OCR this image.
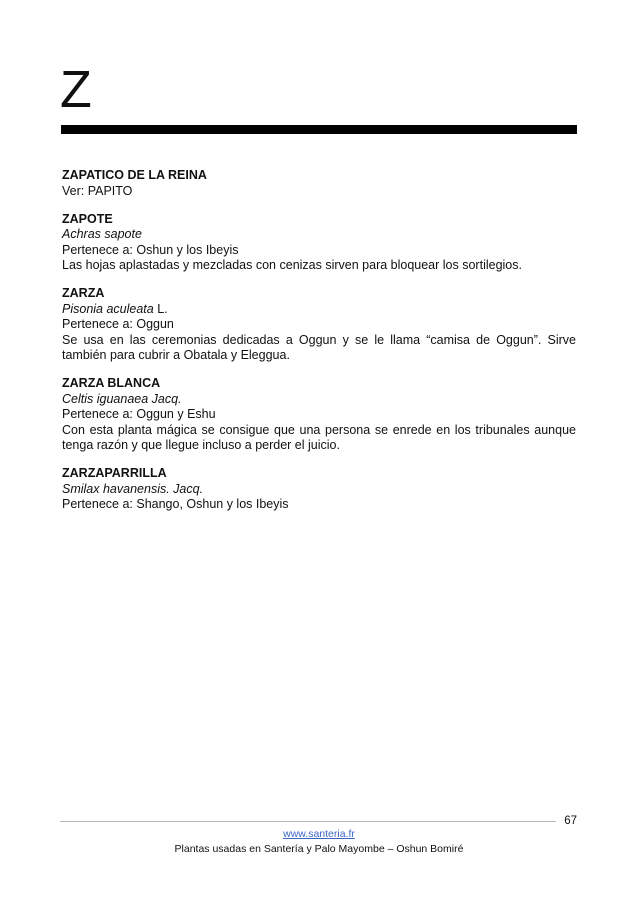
Z
ZAPATICO DE LA REINA
Ver: PAPITO
ZAPOTE
Achras sapote
Pertenece a: Oshun y los Ibeyis
Las hojas aplastadas y mezcladas con cenizas sirven para bloquear los sortilegios.
ZARZA
Pisonia aculeata L.
Pertenece a: Oggun
Se usa en las ceremonias dedicadas a Oggun y se le llama “camisa de Oggun”. Sirve también para cubrir a Obatala y Eleggua.
ZARZA BLANCA
Celtis iguanaea Jacq.
Pertenece a: Oggun y Eshu
Con esta planta mágica se consigue que una persona se enrede en los tribunales aunque tenga razón y que llegue incluso a perder el juicio.
ZARZAPARRILLA
Smilax havanensis. Jacq.
Pertenece a: Shango, Oshun y los Ibeyis
67
www.santeria.fr
Plantas usadas en Santería y Palo Mayombe – Oshun Bomiré
